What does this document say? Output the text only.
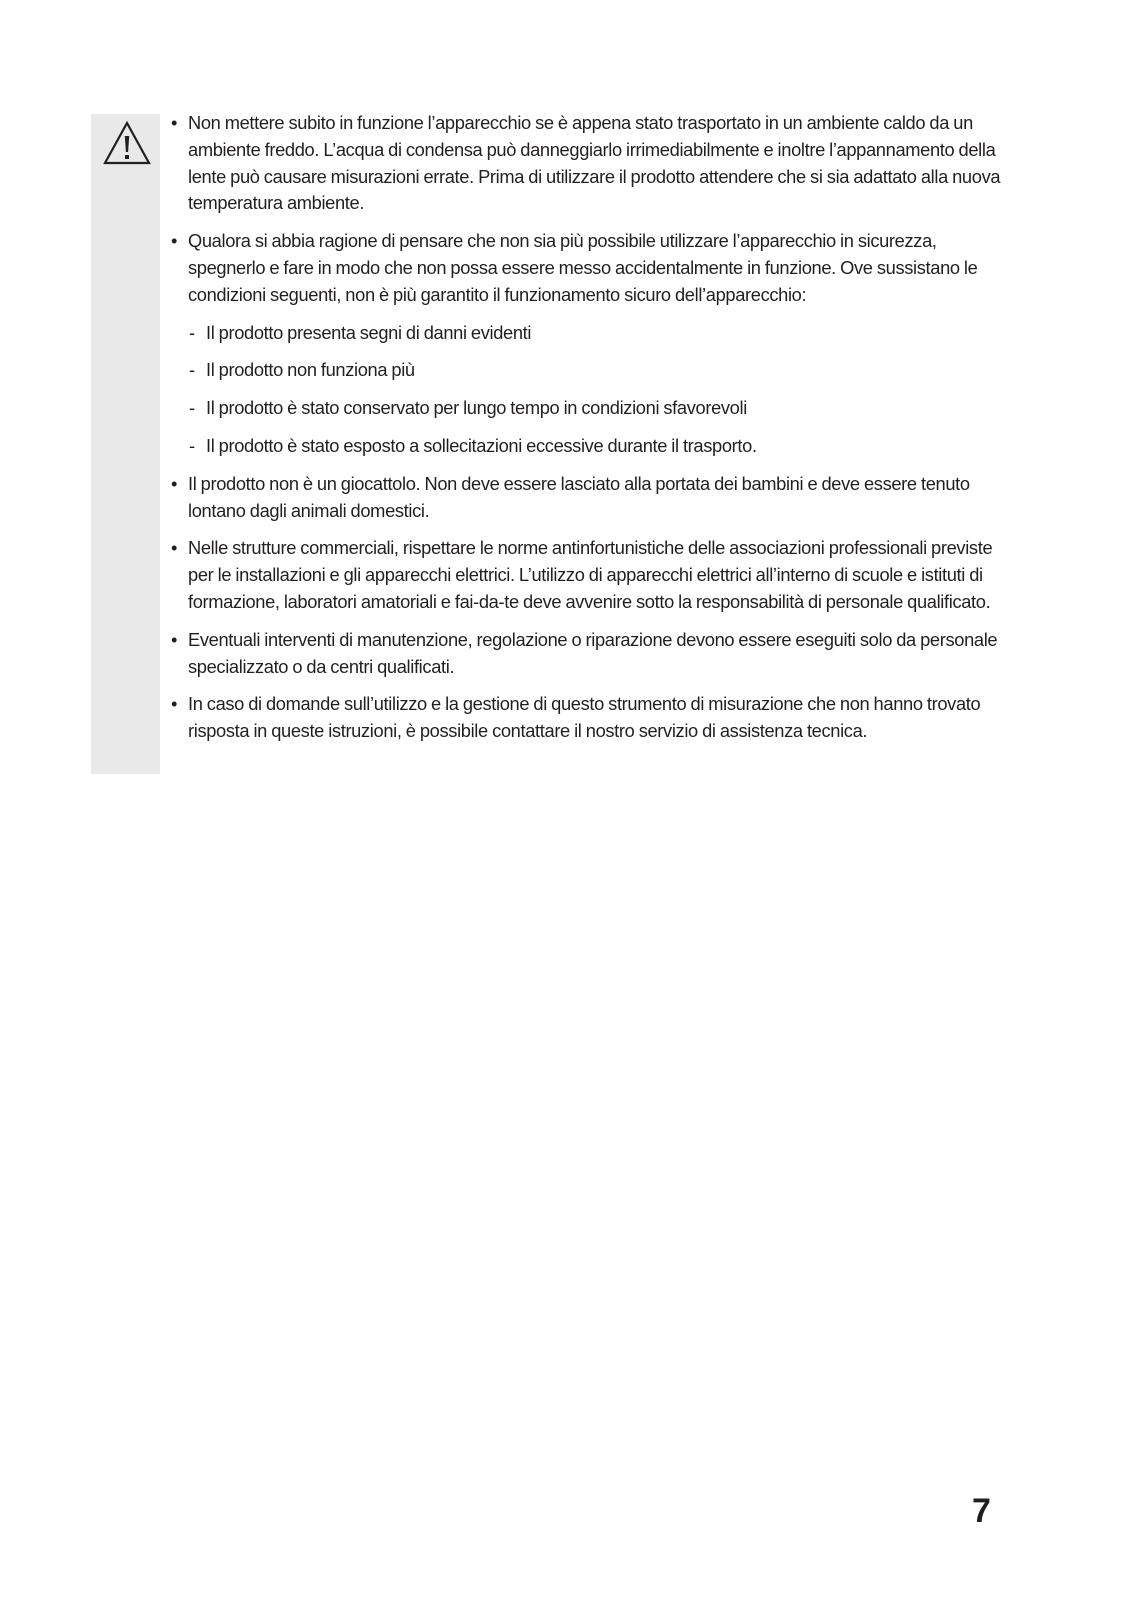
• Non mettere subito in funzione l’apparecchio se è appena stato trasportato in un ambiente caldo da un ambiente freddo. L’acqua di condensa può danneggiarlo irrimediabilmente e inoltre l’appannamento della lente può causare misurazioni errate. Prima di utilizzare il prodotto attendere che si sia adattato alla nuova temperatura ambiente.
• Qualora si abbia ragione di pensare che non sia più possibile utilizzare l’apparecchio in sicurezza, spegnerlo e fare in modo che non possa essere messo accidentalmente in funzione. Ove sussistano le condizioni seguenti, non è più garantito il funzionamento sicuro dell’apparecchio:
- Il prodotto presenta segni di danni evidenti
- Il prodotto non funziona più
- Il prodotto è stato conservato per lungo tempo in condizioni sfavorevoli
- Il prodotto è stato esposto a sollecitazioni eccessive durante il trasporto.
• Il prodotto non è un giocattolo. Non deve essere lasciato alla portata dei bambini e deve essere tenuto lontano dagli animali domestici.
• Nelle strutture commerciali, rispettare le norme antinfortunistiche delle associazioni professionali previste per le installazioni e gli apparecchi elettrici. L’utilizzo di apparecchi elettrici all’interno di scuole e istituti di formazione, laboratori amatoriali e fai-da-te deve avvenire sotto la responsabilità di personale qualificato.
• Eventuali interventi di manutenzione, regolazione o riparazione devono essere eseguiti solo da personale specializzato o da centri qualificati.
• In caso di domande sull’utilizzo e la gestione di questo strumento di misurazione che non hanno trovato risposta in queste istruzioni, è possibile contattare il nostro servizio di assistenza tecnica.
7
